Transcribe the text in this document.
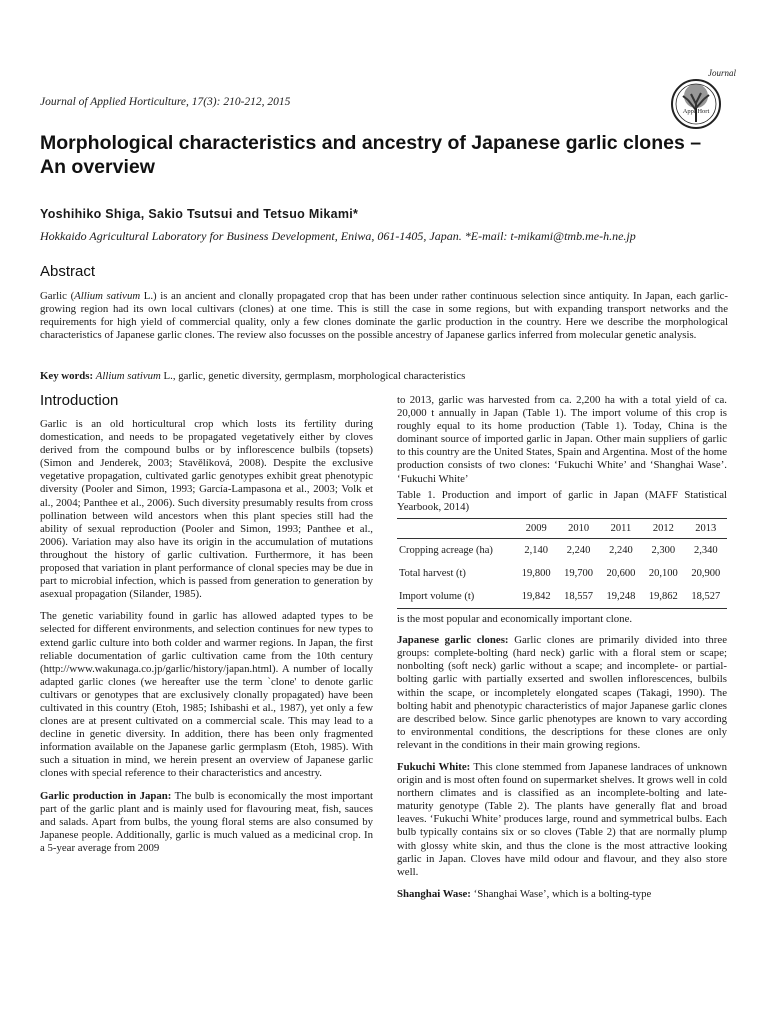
Journal of Applied Horticulture, 17(3): 210-212, 2015
Journal
Appl Hort
Morphological characteristics and ancestry of Japanese garlic clones – An overview
Yoshihiko Shiga, Sakio Tsutsui and Tetsuo Mikami*
Hokkaido Agricultural Laboratory for Business Development, Eniwa, 061-1405, Japan. *E-mail: t-mikami@tmb.me-h.ne.jp
Abstract
Garlic (Allium sativum L.) is an ancient and clonally propagated crop that has been under rather continuous selection since antiquity. In Japan, each garlic-growing region had its own local cultivars (clones) at one time. This is still the case in some regions, but with expanding transport networks and the requirements for high yield of commercial quality, only a few clones dominate the garlic production in the country. Here we describe the morphological characteristics of Japanese garlic clones. The review also focusses on the possible ancestry of Japanese garlics inferred from molecular genetic analysis.
Key words: Allium sativum L., garlic, genetic diversity, germplasm, morphological characteristics
Introduction

Garlic is an old horticultural crop which losts its fertility during domestication, and needs to be propagated vegetatively either by cloves derived from the compound bulbs or by inflorescence bulbils (topsets) (Simon and Jenderek, 2003; Stavělíková, 2008). Despite the exclusive vegetative propagation, cultivated garlic genotypes exhibit great phenotypic diversity (Pooler and Simon, 1993; García-Lampasona et al., 2003; Volk et al., 2004; Panthee et al., 2006). Such diversity presumably results from cross pollination between wild ancestors when this plant species still had the ability of sexual reproduction (Pooler and Simon, 1993; Panthee et al., 2006). Variation may also have its origin in the accumulation of mutations throughout the history of garlic cultivation. Furthermore, it has been proposed that variation in plant performance of clonal species may be due in part to microbial infection, which is passed from generation to generation by asexual propagation (Silander, 1985).

The genetic variability found in garlic has allowed adapted types to be selected for different environments, and selection continues for new types to extend garlic culture into both colder and warmer regions. In Japan, the first reliable documentation of garlic cultivation came from the 10th century (http://www.wakunaga.co.jp/garlic/history/japan.html). A number of locally adapted garlic clones (we hereafter use the term `clone' to denote garlic cultivars or genotypes that are exclusively clonally propagated) have been cultivated in this country (Etoh, 1985; Ishibashi et al., 1987), yet only a few clones are at present cultivated on a commercial scale. This may lead to a decline in genetic diversity. In addition, there has been only fragmented information available on the Japanese garlic germplasm (Etoh, 1985). With such a situation in mind, we herein present an overview of Japanese garlic clones with special reference to their characteristics and ancestry.

Garlic production in Japan: The bulb is economically the most important part of the garlic plant and is mainly used for flavouring meat, fish, sauces and salads. Apart from bulbs, the young floral stems are also consumed by Japanese people. Additionally, garlic is much valued as a medicinal crop. In a 5-year average from 2009

to 2013, garlic was harvested from ca. 2,200 ha with a total yield of ca. 20,000 t annually in Japan (Table 1). The import volume of this crop is roughly equal to its home production (Table 1). Today, China is the dominant source of imported garlic in Japan. Other main suppliers of garlic to this country are the United States, Spain and Argentina. Most of the home production consists of two clones: ‘Fukuchi White’ and ‘Shanghai Wase’. ‘Fukuchi White’

Table 1. Production and import of garlic in Japan (MAFF Statistical Yearbook, 2014)
	2009	2010	2011	2012	2013
Cropping acreage (ha)	2,140	2,240	2,240	2,300	2,340
Total harvest (t)	19,800	19,700	20,600	20,100	20,900
Import volume (t)	19,842	18,557	19,248	19,862	18,527

is the most popular and economically important clone.

Japanese garlic clones: Garlic clones are primarily divided into three groups: complete-bolting (hard neck) garlic with a floral stem or scape; nonbolting (soft neck) garlic without a scape; and incomplete- or partial-bolting garlic with partially exserted and swollen inflorescences, bulbils within the scape, or incompletely elongated scapes (Takagi, 1990). The bolting habit and phenotypic characteristics of major Japanese garlic clones are described below. Since garlic phenotypes are known to vary according to environmental conditions, the descriptions for these clones are only relevant in the conditions in their main growing regions.

Fukuchi White: This clone stemmed from Japanese landraces of unknown origin and is most often found on supermarket shelves. It grows well in cold northern climates and is classified as an incomplete-bolting and late-maturity genotype (Table 2). The plants have generally flat and broad leaves. ‘Fukuchi White’ produces large, round and symmetrical bulbs. Each bulb typically contains six or so cloves (Table 2) that are normally plump with glossy white skin, and thus the clone is the most attractive looking garlic in Japan. Cloves have mild odour and flavour, and they also store well.

Shanghai Wase: ‘Shanghai Wase’, which is a bolting-type
